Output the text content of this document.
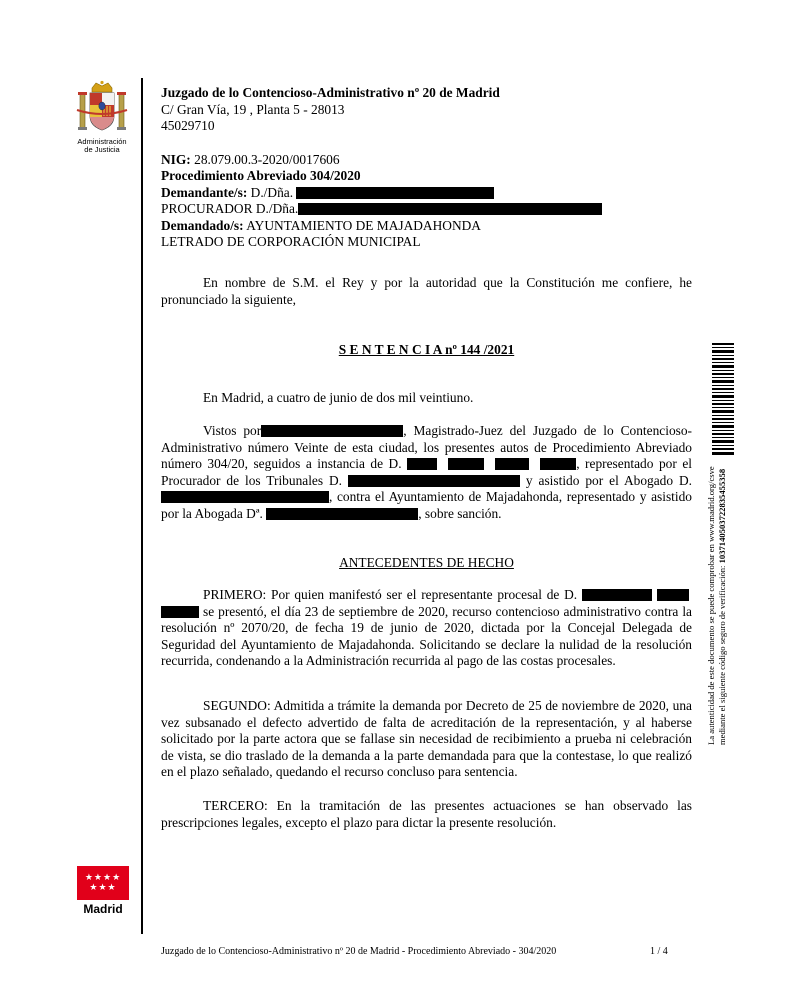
Administración
de Justicia
Juzgado de lo Contencioso-Administrativo nº 20 de Madrid
C/ Gran Vía, 19 , Planta 5 - 28013
45029710
NIG: 28.079.00.3-2020/0017606
Procedimiento Abreviado 304/2020
Demandante/s: D./Dña.
PROCURADOR D./Dña.
Demandado/s: AYUNTAMIENTO DE MAJADAHONDA
LETRADO DE CORPORACIÓN MUNICIPAL

En nombre de S.M. el Rey y por la autoridad que la Constitución me confiere, he pronunciado la siguiente,

S E N T E N C I A nº 144 /2021

En Madrid, a cuatro de junio de dos mil veintiuno.

Vistos por	, Magistrado-Juez del Juzgado de lo Contencioso-Administrativo número Veinte de esta ciudad, los presentes autos de Procedimiento Abreviado número 304/20, seguidos a instancia de D.	, representado por el Procurador de los Tribunales D.	y asistido por el Abogado D., contra el Ayuntamiento de Majadahonda, representado y asistido por la Abogada Dª.	, sobre sanción.

ANTECEDENTES DE HECHO

PRIMERO: Por quien manifestó ser el representante procesal de D.     se presentó, el día 23 de septiembre de 2020, recurso contencioso administrativo contra la resolución nº 2070/20, de fecha 19 de junio de 2020, dictada por la Concejal Delegada de Seguridad del Ayuntamiento de Majadahonda. Solicitando se declare la nulidad de la resolución recurrida, condenando a la Administración recurrida al pago de las costas procesales.

SEGUNDO: Admitida a trámite la demanda por Decreto de 25 de noviembre de 2020, una vez subsanado el defecto advertido de falta de acreditación de la representación, y al haberse solicitado por la parte actora que se fallase sin necesidad de recibimiento a prueba ni celebración de vista, se dio traslado de la demanda a la parte demandada para que la contestase, lo que realizó en el plazo señalado, quedando el recurso concluso para sentencia.

TERCERO: En la tramitación de las presentes actuaciones se han observado las prescripciones legales, excepto el plazo para dictar la presente resolución.

★★★★
★★★
Madrid
Juzgado de lo Contencioso-Administrativo nº 20 de Madrid - Procedimiento Abreviado - 304/2020	1 / 4
La autenticidad de este documento se puede comprobar en www.madrid.org/csve mediante el siguiente código seguro de verificación: 1037140503722835455358
